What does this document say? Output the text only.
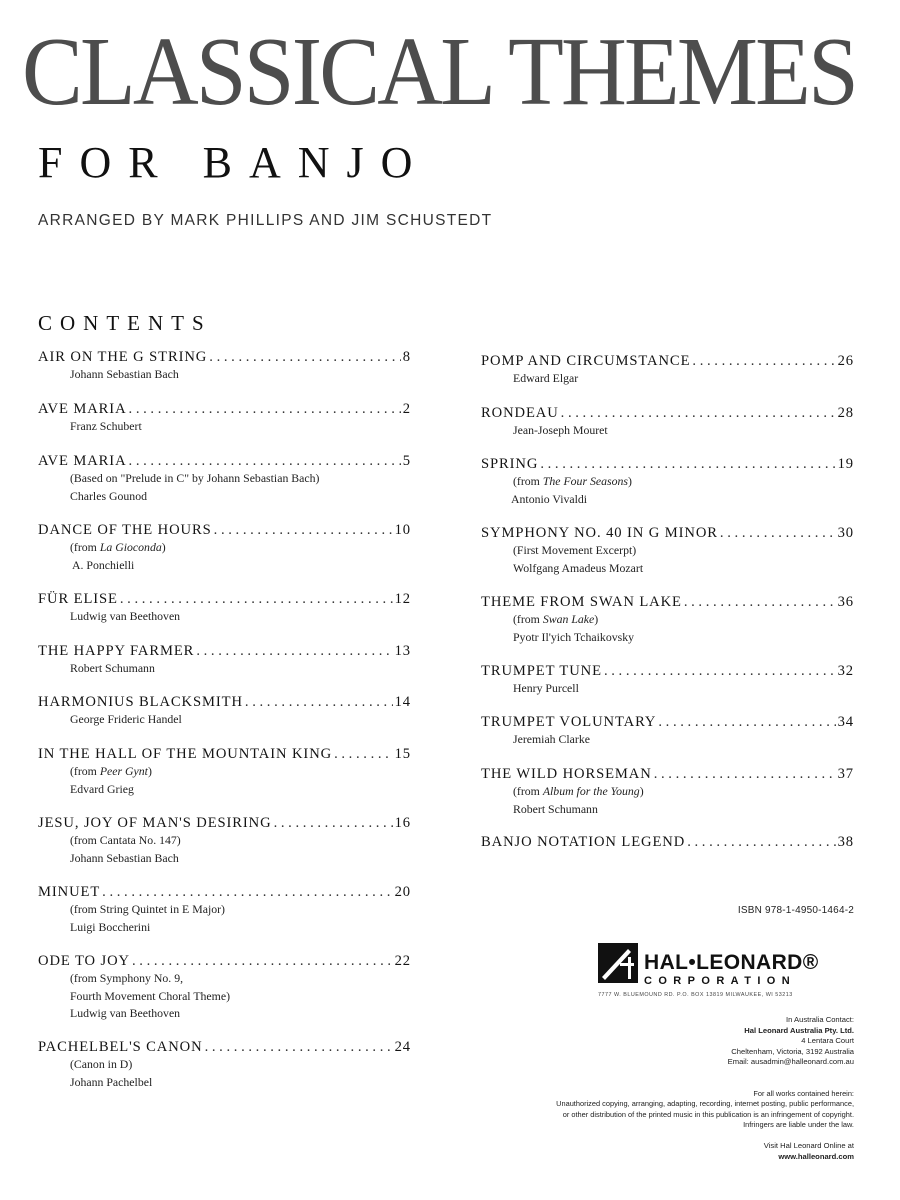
CLASSICAL THEMES
FOR BANJO
ARRANGED BY MARK PHILLIPS AND JIM SCHUSTEDT
CONTENTS
AIR ON THE G STRING . . .	8
Johann Sebastian Bach
AVE MARIA . . .	2
Franz Schubert
AVE MARIA . . .	5
(Based on "Prelude in C" by Johann Sebastian Bach)
Charles Gounod
DANCE OF THE HOURS . . .	10
(from La Gioconda)
A. Ponchielli
FÜR ELISE . . .	12
Ludwig van Beethoven
THE HAPPY FARMER . . .	13
Robert Schumann
HARMONIUS BLACKSMITH . . .	14
George Frideric Handel
IN THE HALL OF THE MOUNTAIN KING . . .	15
(from Peer Gynt)
Edvard Grieg
JESU, JOY OF MAN'S DESIRING . . .	16
(from Cantata No. 147)
Johann Sebastian Bach
MINUET . . .	20
(from String Quintet in E Major)
Luigi Boccherini
ODE TO JOY . . .	22
(from Symphony No. 9,
Fourth Movement Choral Theme)
Ludwig van Beethoven
PACHELBEL'S CANON . . .	24
(Canon in D)
Johann Pachelbel
POMP AND CIRCUMSTANCE . . .	26
Edward Elgar
RONDEAU . . .	28
Jean-Joseph Mouret
SPRING . . .	19
(from The Four Seasons)
Antonio Vivaldi
SYMPHONY NO. 40 IN G MINOR . . .	30
(First Movement Excerpt)
Wolfgang Amadeus Mozart
THEME FROM SWAN LAKE . . .	36
(from Swan Lake)
Pyotr Il'yich Tchaikovsky
TRUMPET TUNE . . .	32
Henry Purcell
TRUMPET VOLUNTARY . . .	34
Jeremiah Clarke
THE WILD HORSEMAN . . .	37
(from Album for the Young)
Robert Schumann
BANJO NOTATION LEGEND . . .	38
ISBN 978-1-4950-1464-2
HAL•LEONARD®
CORPORATION
7777 W. BLUEMOUND RD. P.O. BOX 13819 MILWAUKEE, WI 53213
In Australia Contact:
Hal Leonard Australia Pty. Ltd.
4 Lentara Court
Cheltenham, Victoria, 3192 Australia
Email: ausadmin@halleonard.com.au
For all works contained herein:
Unauthorized copying, arranging, adapting, recording, internet posting, public performance,
or other distribution of the printed music in this publication is an infringement of copyright.
Infringers are liable under the law.
Visit Hal Leonard Online at
www.halleonard.com
